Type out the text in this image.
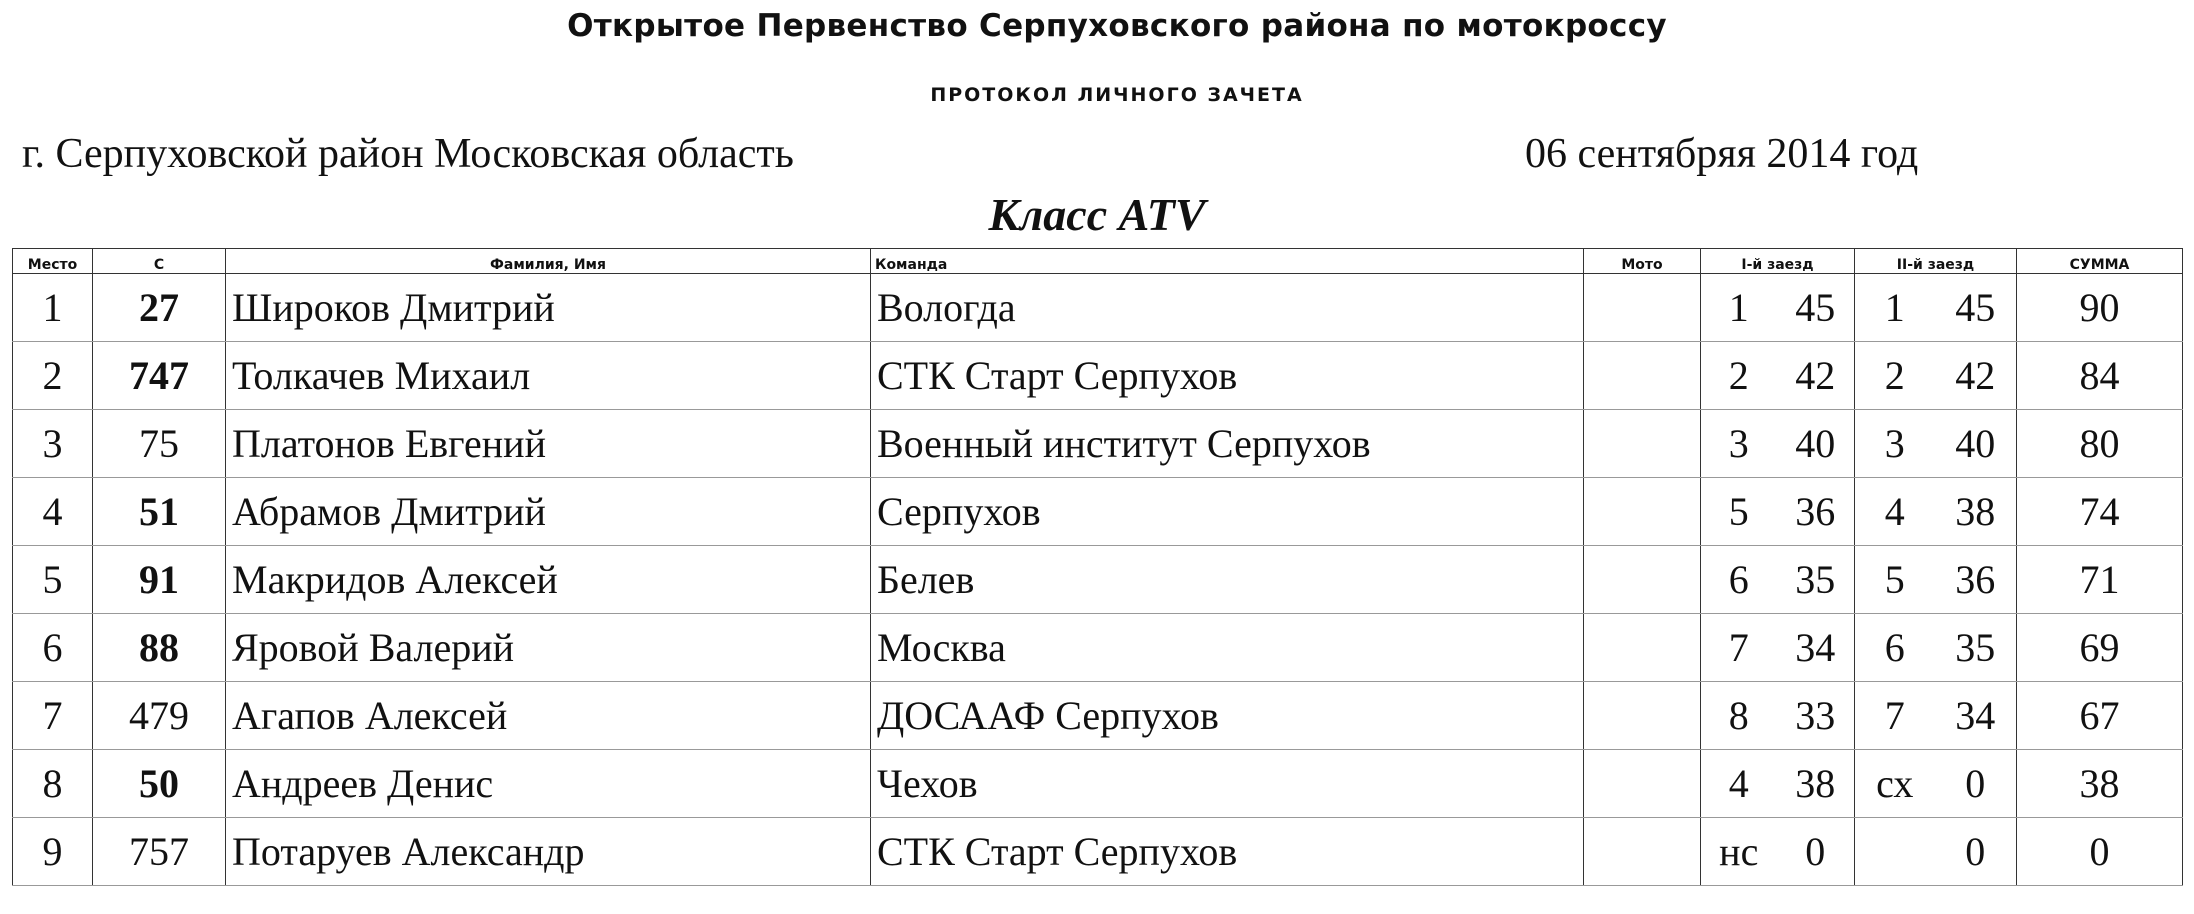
Открытое Первенство Серпуховского района по мотокроссу
ПРОТОКОЛ ЛИЧНОГО ЗАЧЕТА
г. Серпуховской район Московская область	06 сентябряя 2014 год
Класс ATV
Место	С	Фамилия, Имя	Команда	Мото	I-й заезд		II-й заезд		СУММА
1	27	Широков Дмитрий	Вологда		1	45	1	45	90
2	747	Толкачев Михаил	СТК Старт Серпухов		2	42	2	42	84
3	75	Платонов Евгений	Военный институт Серпухов		3	40	3	40	80
4	51	Абрамов Дмитрий	Серпухов		5	36	4	38	74
5	91	Макридов Алексей	Белев		6	35	5	36	71
6	88	Яровой Валерий	Москва		7	34	6	35	69
7	479	Агапов Алексей	ДОСААФ Серпухов		8	33	7	34	67
8	50	Андреев Денис	Чехов		4	38	сх	0	38
9	757	Потаруев Александр	СТК Старт Серпухов		нс	0		0	0
